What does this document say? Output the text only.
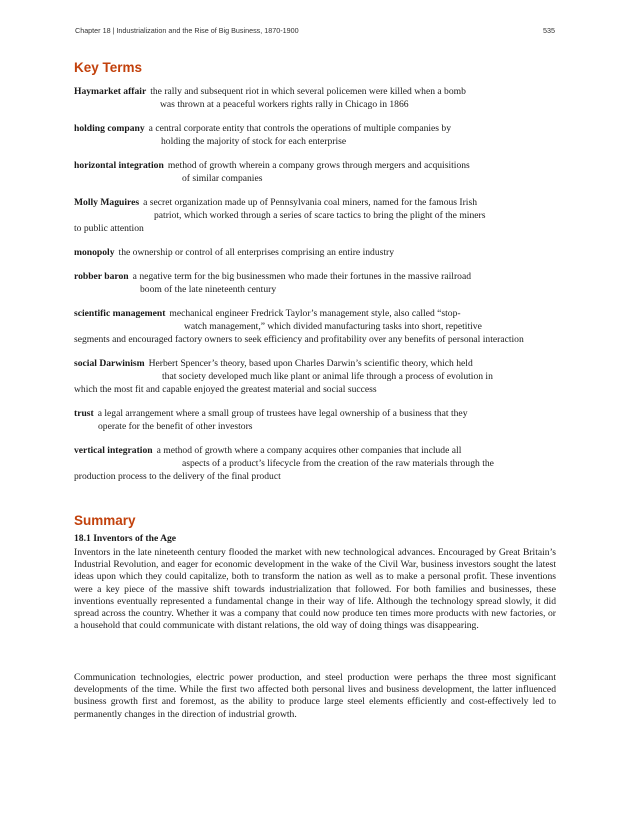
Chapter 18 | Industrialization and the Rise of Big Business, 1870-1900	535
Key Terms

Haymarket affair the rally and subsequent riot in which several policemen were killed when a bomb
was thrown at a peaceful workers rights rally in Chicago in 1866

holding company a central corporate entity that controls the operations of multiple companies by
holding the majority of stock for each enterprise

horizontal integration method of growth wherein a company grows through mergers and acquisitions
of similar companies

Molly Maguires a secret organization made up of Pennsylvania coal miners, named for the famous Irish
patriot, which worked through a series of scare tactics to bring the plight of the miners
to public attention

monopoly the ownership or control of all enterprises comprising an entire industry

robber baron a negative term for the big businessmen who made their fortunes in the massive railroad
boom of the late nineteenth century

scientific management mechanical engineer Fredrick Taylor’s management style, also called “stop-
watch management,” which divided manufacturing tasks into short, repetitive
segments and encouraged factory owners to seek efficiency and profitability over any benefits of personal interaction

social Darwinism Herbert Spencer’s theory, based upon Charles Darwin’s scientific theory, which held
that society developed much like plant or animal life through a process of evolution in
which the most fit and capable enjoyed the greatest material and social success

trust a legal arrangement where a small group of trustees have legal ownership of a business that they
operate for the benefit of other investors

vertical integration a method of growth where a company acquires other companies that include all
aspects of a product’s lifecycle from the creation of the raw materials through the
production process to the delivery of the final product

Summary
18.1 Inventors of the Age

Inventors in the late nineteenth century flooded the market with new technological advances. Encouraged by Great Britain’s Industrial Revolution, and eager for economic development in the wake of the Civil War, business investors sought the latest ideas upon which they could capitalize, both to transform the nation as well as to make a personal profit. These inventions were a key piece of the massive shift towards industrialization that followed. For both families and businesses, these inventions eventually represented a fundamental change in their way of life. Although the technology spread slowly, it did spread across the country. Whether it was a company that could now produce ten times more products with new factories, or a household that could communicate with distant relations, the old way of doing things was disappearing.

Communication technologies, electric power production, and steel production were perhaps the three most significant developments of the time. While the first two affected both personal lives and business development, the latter influenced business growth first and foremost, as the ability to produce large steel elements efficiently and cost-effectively led to permanently changes in the direction of industrial growth.
